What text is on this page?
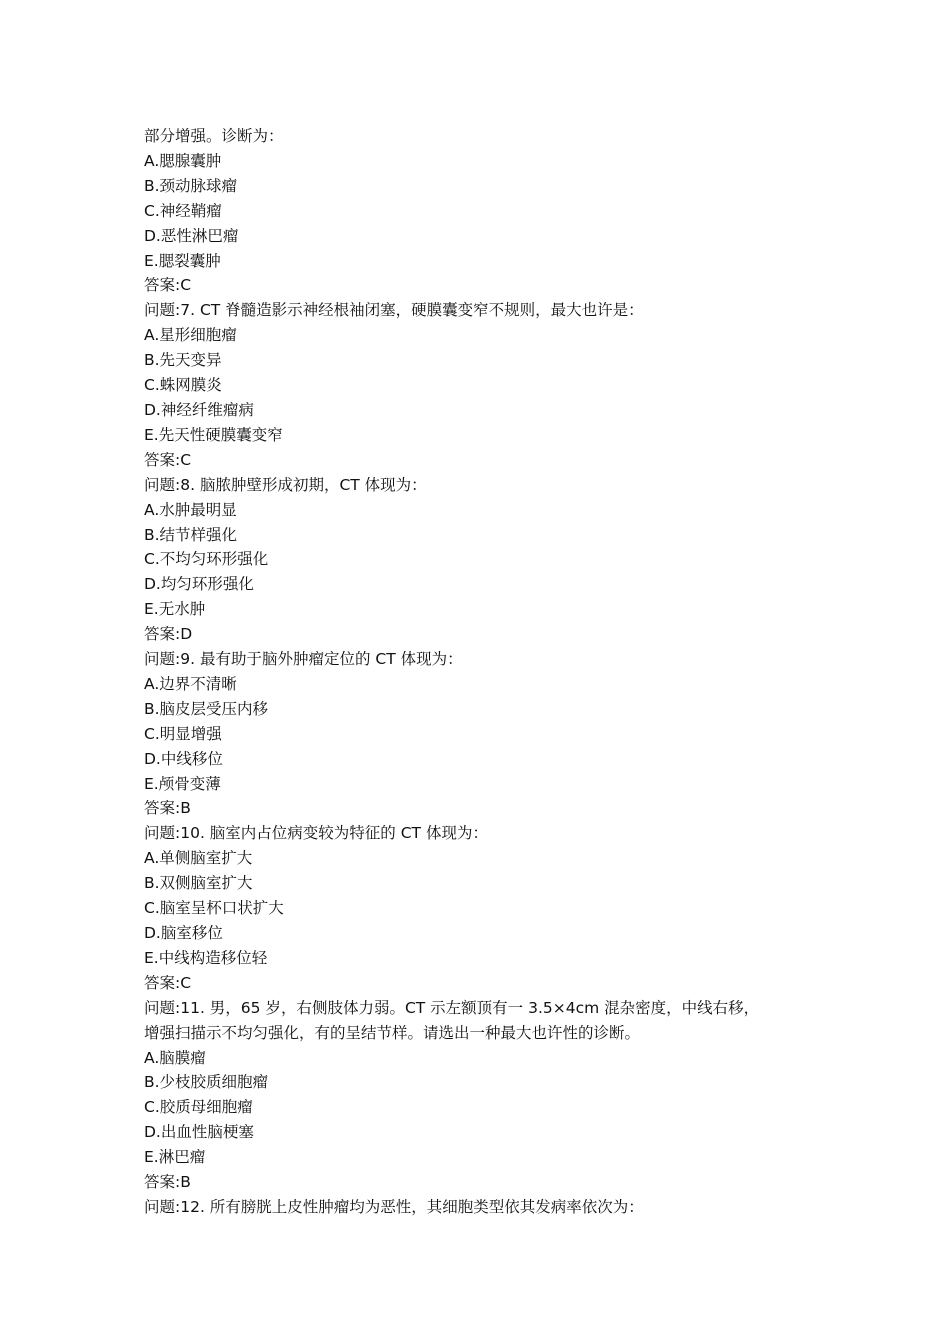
部分增强。诊断为：
A.腮腺囊肿
B.颈动脉球瘤
C.神经鞘瘤
D.恶性淋巴瘤
E.腮裂囊肿
答案:C
问题:7. CT 脊髓造影示神经根袖闭塞，硬膜囊变窄不规则，最大也许是：
A.星形细胞瘤
B.先天变异
C.蛛网膜炎
D.神经纤维瘤病
E.先天性硬膜囊变窄
答案:C
问题:8. 脑脓肿壁形成初期，CT 体现为：
A.水肿最明显
B.结节样强化
C.不均匀环形强化
D.均匀环形强化
E.无水肿
答案:D
问题:9. 最有助于脑外肿瘤定位的 CT 体现为：
A.边界不清晰
B.脑皮层受压内移
C.明显增强
D.中线移位
E.颅骨变薄
答案:B
问题:10. 脑室内占位病变较为特征的 CT 体现为：
A.单侧脑室扩大
B.双侧脑室扩大
C.脑室呈杯口状扩大
D.脑室移位
E.中线构造移位轻
答案:C
问题:11. 男，65 岁，右侧肢体力弱。CT 示左额顶有一 3.5×4cm 混杂密度，中线右移，
增强扫描示不均匀强化，有的呈结节样。请选出一种最大也许性的诊断。
A.脑膜瘤
B.少枝胶质细胞瘤
C.胶质母细胞瘤
D.出血性脑梗塞
E.淋巴瘤
答案:B
问题:12. 所有膀胱上皮性肿瘤均为恶性，其细胞类型依其发病率依次为：
